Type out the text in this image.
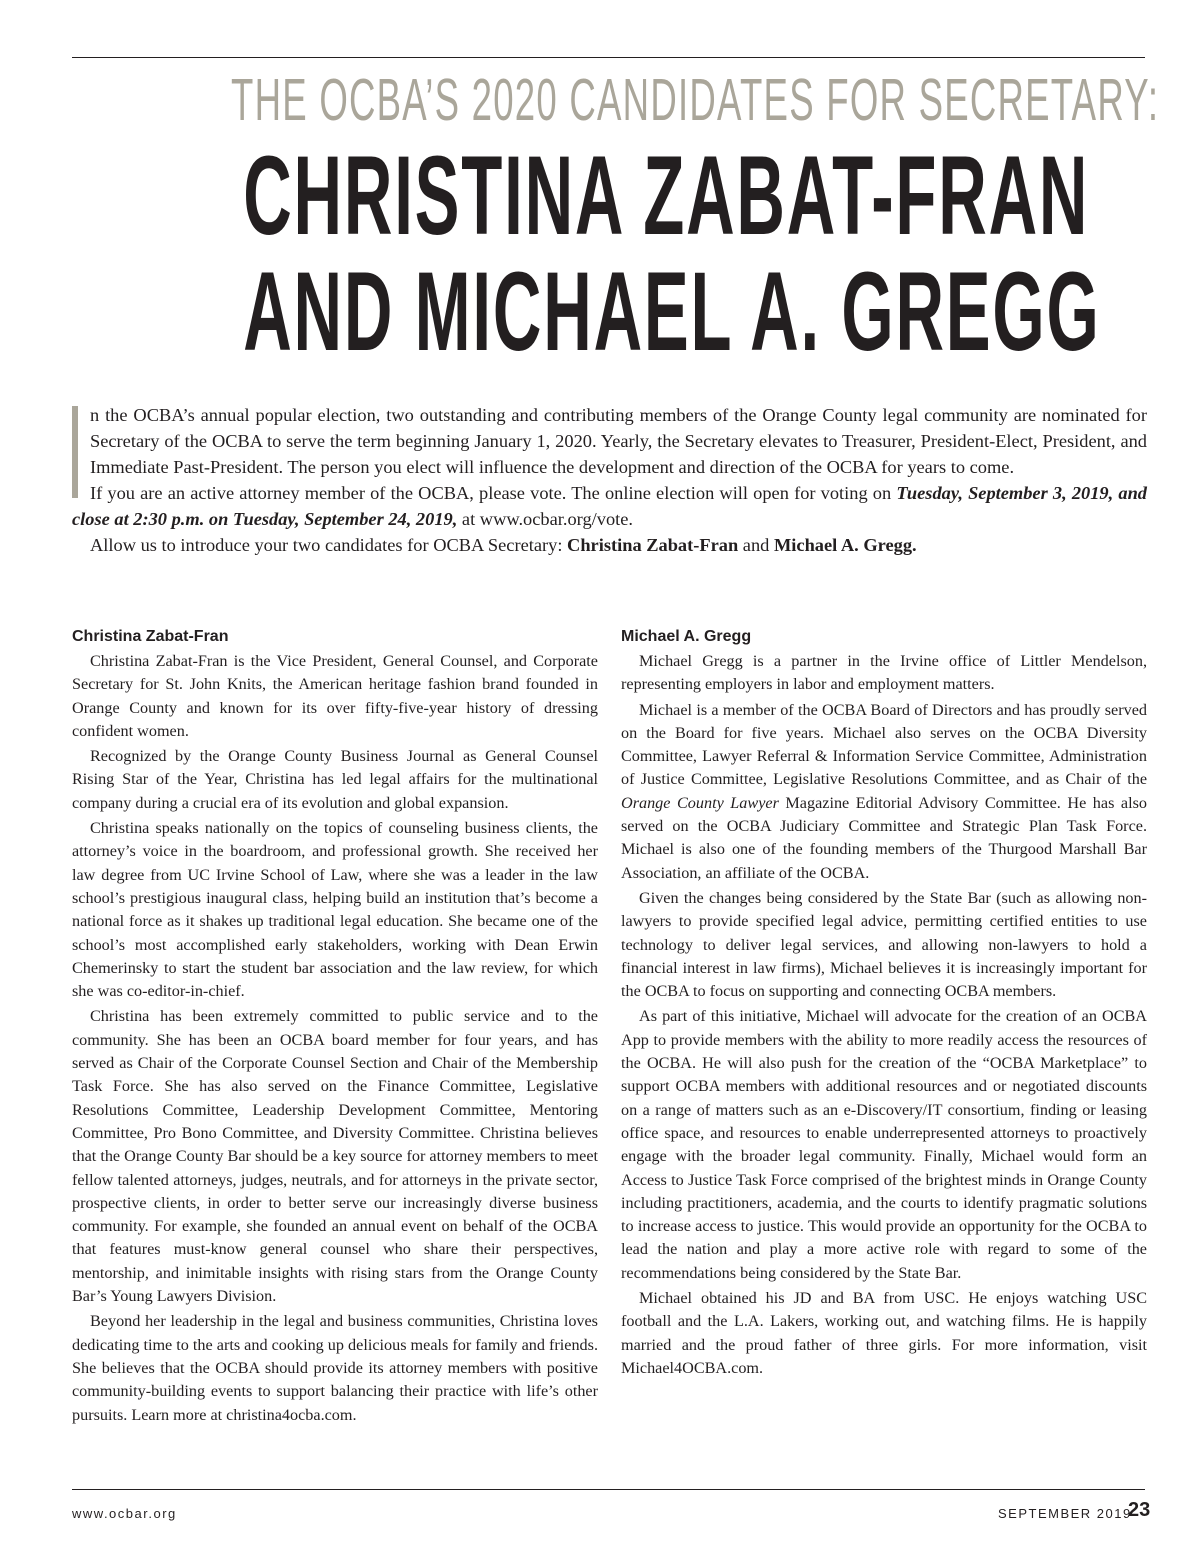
THE OCBA’S 2020 CANDIDATES FOR SECRETARY:
CHRISTINA ZABAT-FRAN
AND MICHAEL A. GREGG

n the OCBA’s annual popular election, two outstanding and contributing members of the Orange County legal community are nominated for Secretary of the OCBA to serve the term beginning January 1, 2020. Yearly, the Secretary elevates to Treasurer, President-Elect, President, and Immediate Past-President. The person you elect will influence the development and direction of the OCBA for years to come.

If you are an active attorney member of the OCBA, please vote. The online election will open for voting on Tuesday, September 3, 2019, and close at 2:30 p.m. on Tuesday, September 24, 2019, at www.ocbar.org/vote.

Allow us to introduce your two candidates for OCBA Secretary: Christina Zabat-Fran and Michael A. Gregg.

Christina Zabat-Fran

Christina Zabat-Fran is the Vice President, General Counsel, and Corporate Secretary for St. John Knits, the American heritage fashion brand founded in Orange County and known for its over fifty-five-year history of dressing confident women.

Recognized by the Orange County Business Journal as General Counsel Rising Star of the Year, Christina has led legal affairs for the multinational company during a crucial era of its evolution and global expansion.

Christina speaks nationally on the topics of counseling business clients, the attorney’s voice in the boardroom, and professional growth. She received her law degree from UC Irvine School of Law, where she was a leader in the law school’s prestigious inaugural class, helping build an institution that’s become a national force as it shakes up traditional legal education. She became one of the school’s most accomplished early stakeholders, working with Dean Erwin Chemerinsky to start the student bar association and the law review, for which she was co-editor-in-chief.

Christina has been extremely committed to public service and to the community. She has been an OCBA board member for four years, and has served as Chair of the Corporate Counsel Section and Chair of the Membership Task Force. She has also served on the Finance Committee, Legislative Resolutions Committee, Leadership Development Committee, Mentoring Committee, Pro Bono Committee, and Diversity Committee. Christina believes that the Orange County Bar should be a key source for attorney members to meet fellow talented attorneys, judges, neutrals, and for attorneys in the private sector, prospective clients, in order to better serve our increasingly diverse business community. For example, she founded an annual event on behalf of the OCBA that features must-know general counsel who share their perspectives, mentorship, and inimitable insights with rising stars from the Orange County Bar’s Young Lawyers Division.

Beyond her leadership in the legal and business communities, Christina loves dedicating time to the arts and cooking up delicious meals for family and friends. She believes that the OCBA should provide its attorney members with positive community-building events to support balancing their practice with life’s other pursuits. Learn more at christina4ocba.com.

Michael A. Gregg

Michael Gregg is a partner in the Irvine office of Littler Mendelson, representing employers in labor and employment matters.

Michael is a member of the OCBA Board of Directors and has proudly served on the Board for five years. Michael also serves on the OCBA Diversity Committee, Lawyer Referral & Information Service Committee, Administration of Justice Committee, Legislative Resolutions Committee, and as Chair of the Orange County Lawyer Magazine Editorial Advisory Committee. He has also served on the OCBA Judiciary Committee and Strategic Plan Task Force. Michael is also one of the founding members of the Thurgood Marshall Bar Association, an affiliate of the OCBA.

Given the changes being considered by the State Bar (such as allowing non-lawyers to provide specified legal advice, permitting certified entities to use technology to deliver legal services, and allowing non-lawyers to hold a financial interest in law firms), Michael believes it is increasingly important for the OCBA to focus on supporting and connecting OCBA members.

As part of this initiative, Michael will advocate for the creation of an OCBA App to provide members with the ability to more readily access the resources of the OCBA. He will also push for the creation of the “OCBA Marketplace” to support OCBA members with additional resources and or negotiated discounts on a range of matters such as an e-Discovery/IT consortium, finding or leasing office space, and resources to enable underrepresented attorneys to proactively engage with the broader legal community. Finally, Michael would form an Access to Justice Task Force comprised of the brightest minds in Orange County including practitioners, academia, and the courts to identify pragmatic solutions to increase access to justice. This would provide an opportunity for the OCBA to lead the nation and play a more active role with regard to some of the recommendations being considered by the State Bar.

Michael obtained his JD and BA from USC. He enjoys watching USC football and the L.A. Lakers, working out, and watching films. He is happily married and the proud father of three girls. For more information, visit Michael4OCBA.com.

www.ocbar.org	SEPTEMBER 2019
23
